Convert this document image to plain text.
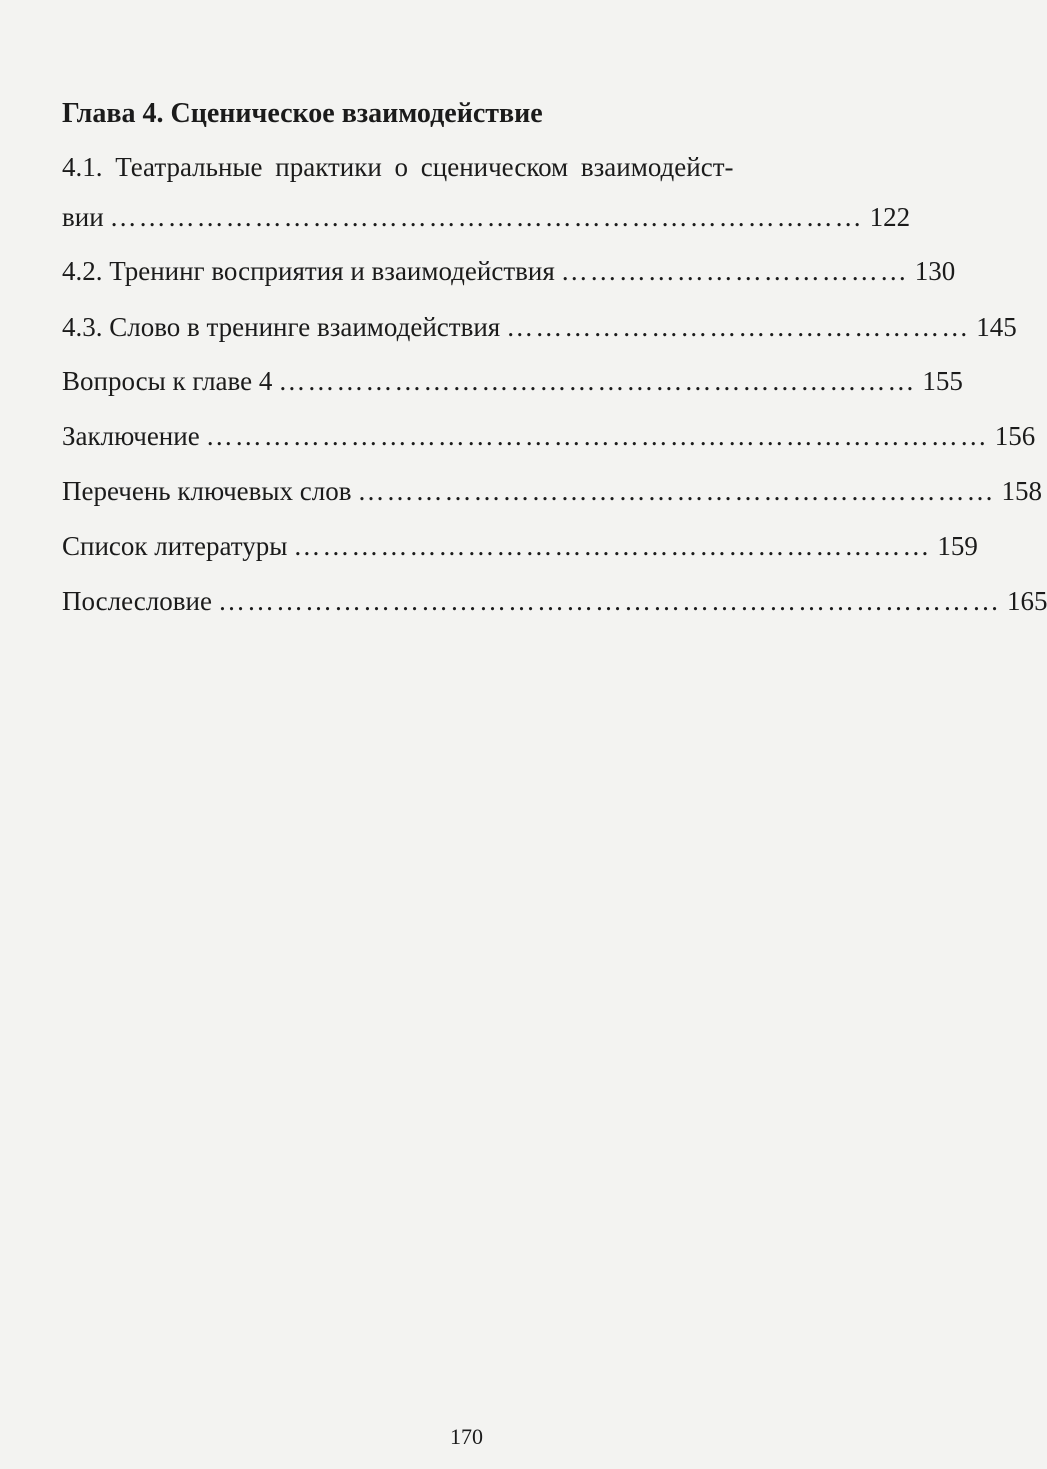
Глава 4. Сценическое взаимодействие
4.1. Театральные практики о сценическом взаимодейст-
вии …………………………………………………………………… 122
4.2. Тренинг восприятия и взаимодействия ……………………………… 130
4.3. Слово в тренинге взаимодействия ………………………………………… 145
Вопросы к главе 4 ………………………………………………………… 155
Заключение ……………………………………………………………………… 156
Перечень ключевых слов ………………………………………………………… 158
Список литературы ………………………………………………………… 159
Послесловие ……………………………………………………………………… 165
170
